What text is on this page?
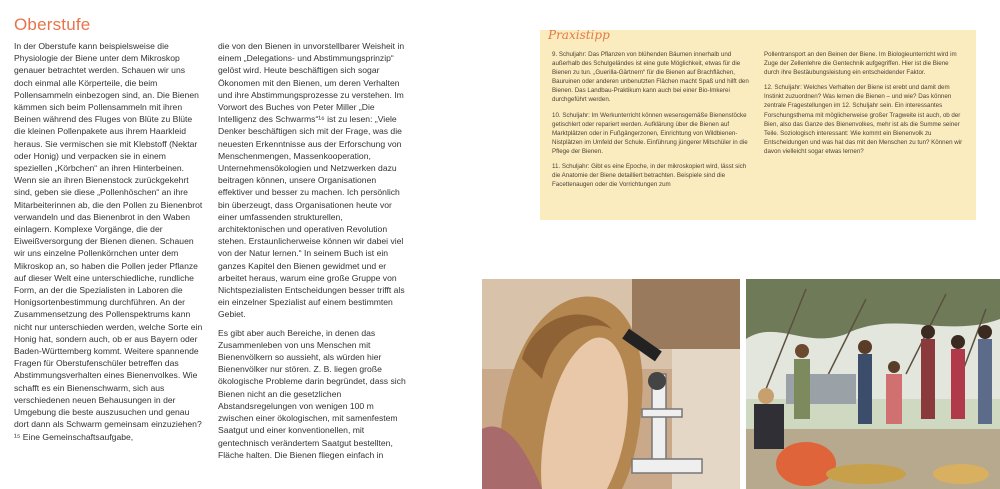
Oberstufe

In der Oberstufe kann beispielsweise die Physiologie der Biene unter dem Mikroskop genauer betrachtet werden. Schauen wir uns doch einmal alle Körperteile, die beim Pollensammeln einbezogen sind, an. Die Bienen kämmen sich beim Pollensammeln mit ihren Beinen während des Fluges von Blüte zu Blüte die kleinen Pollenpakete aus ihrem Haarkleid heraus. Sie vermischen sie mit Klebstoff (Nektar oder Honig) und verpacken sie in einem speziellen „Körbchen“ an ihren Hinterbeinen. Wenn sie an ihren Bienenstock zurückgekehrt sind, geben sie diese „Pollenhöschen“ an ihre Mitarbeiterinnen ab, die den Pollen zu Bienenbrot verwandeln und das Bienenbrot in den Waben einlagern. Komplexe Vorgänge, die der Eiweißversorgung der Bienen dienen. Schauen wir uns einzelne Pollenkörnchen unter dem Mikroskop an, so haben die Pollen jeder Pflanze auf dieser Welt eine unterschiedliche, rundliche Form, an der die Spezialisten in Laboren die Honigsortenbestimmung durchführen. An der Zusammensetzung des Pollenspektrums kann nicht nur unterschieden werden, welche Sorte ein Honig hat, sondern auch, ob er aus Bayern oder Baden-Württemberg kommt. Weitere spannende Fragen für Oberstufenschüler betreffen das Abstimmungsverhalten eines Bienenvolkes. Wie schafft es ein Bienenschwarm, sich aus verschiedenen neuen Behausungen in der Umgebung die beste auszusuchen und genau dort dann als Schwarm gemeinsam einzuziehen?¹⁵ Eine Gemeinschaftsaufgabe,

die von den Bienen in unvorstellbarer Weisheit in einem „Delegations- und Abstimmungsprinzip“ gelöst wird. Heute beschäftigen sich sogar Ökonomen mit den Bienen, um deren Verhalten und ihre Abstimmungsprozesse zu verstehen. Im Vorwort des Buches von Peter Miller „Die Intelligenz des Schwarms“¹⁶ ist zu lesen: „Viele Denker beschäftigen sich mit der Frage, was die neuesten Erkenntnisse aus der Erforschung von Menschenmengen, Massenkooperation, Unternehmensökologien und Netzwerken dazu beitragen können, unsere Organisationen effektiver und besser zu machen. Ich persönlich bin überzeugt, dass Organisationen heute vor einer umfassenden strukturellen, architektonischen und operativen Revolution stehen. Erstaunlicherweise können wir dabei viel von der Natur lernen.“ In seinem Buch ist ein ganzes Kapitel den Bienen gewidmet und er arbeitet heraus, warum eine große Gruppe von Nichtspezialisten Entscheidungen besser trifft als ein einzelner Spezialist auf einem bestimmten Gebiet.

Es gibt aber auch Bereiche, in denen das Zusammenleben von uns Menschen mit Bienenvölkern so aussieht, als würden hier Bienenvölker nur stören. Z. B. liegen große ökologische Probleme darin begründet, dass sich Bienen nicht an die gesetzlichen Abstandsregelungen von wenigen 100 m zwischen einer ökologischen, mit samenfestem Saatgut und einer konventionellen, mit gentechnisch verändertem Saatgut bestellten, Fläche halten. Die Bienen fliegen einfach in

Praxistipp

9. Schuljahr: Das Pflanzen von blühenden Bäumen innerhalb und außerhalb des Schulgeländes ist eine gute Möglichkeit, etwas für die Bienen zu tun. „Guerilla-Gärtnern“ für die Bienen auf Brachflächen, Bauruinen oder anderen unbenutzten Flächen macht Spaß und hilft den Bienen. Das Landbau-Praktikum kann auch bei einer Bio-Imkerei durchgeführt werden.

10. Schuljahr: Im Werkunterricht können wesensgemäße Bienenstöcke getischlert oder repariert werden. Aufklärung über die Bienen auf Marktplätzen oder in Fußgängerzonen, Einrichtung von Wildbienen-Nistplätzen im Umfeld der Schule. Einführung jüngerer Mitschüler in die Pflege der Bienen.

11. Schuljahr: Gibt es eine Epoche, in der mikroskopiert wird, lässt sich die Anatomie der Biene detailliert betrachten. Beispiele sind die Facettenaugen oder die Vorrichtungen zum

Pollentransport an den Beinen der Biene. Im Biologieunterricht wird im Zuge der Zellenlehre die Gentechnik aufgegriffen. Hier ist die Biene durch ihre Bestäubungsleistung ein entscheidender Faktor.

12. Schuljahr: Welches Verhalten der Biene ist erebt und damit dem Instinkt zuzuordnen? Was lernen die Bienen – und wie? Das können zentrale Fragestellungen im 12. Schuljahr sein. Ein interessantes Forschungsthema mit möglicherweise großer Tragweite ist auch, ob der Bien, also das Ganze des Bienenvolkes, mehr ist als die Summe seiner Teile. Soziologisch interessant: Wie kommt ein Bienenvolk zu Entscheidungen und was hat das mit den Menschen zu tun? Können wir davon vielleicht sogar etwas lernen?
